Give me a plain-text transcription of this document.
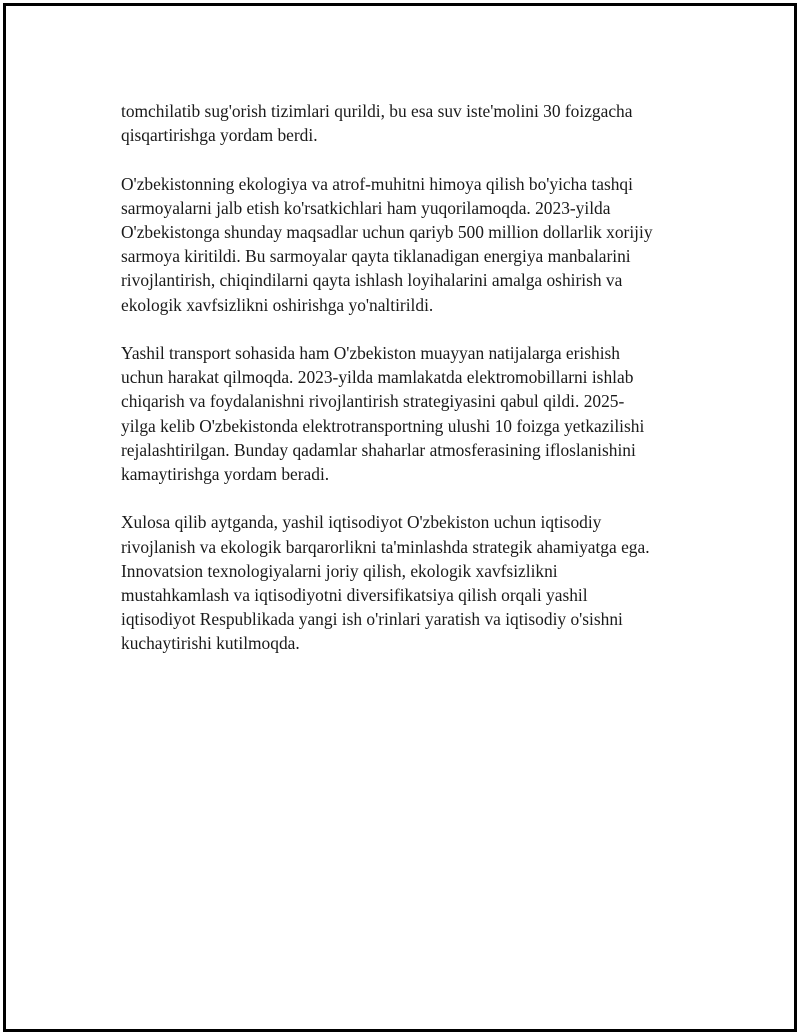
tomchilatib sug'orish tizimlari qurildi, bu esa suv iste'molini 30 foizgacha
qisqartirishga yordam berdi.

O'zbekistonning ekologiya va atrof-muhitni himoya qilish bo'yicha tashqi
sarmoyalarni jalb etish ko'rsatkichlari ham yuqorilamoqda. 2023-yilda
O'zbekistonga shunday maqsadlar uchun qariyb 500 million dollarlik xorijiy
sarmoya kiritildi. Bu sarmoyalar qayta tiklanadigan energiya manbalarini
rivojlantirish, chiqindilarni qayta ishlash loyihalarini amalga oshirish va
ekologik xavfsizlikni oshirishga yo'naltirildi.

Yashil transport sohasida ham O'zbekiston muayyan natijalarga erishish
uchun harakat qilmoqda. 2023-yilda mamlakatda elektromobillarni ishlab
chiqarish va foydalanishni rivojlantirish strategiyasini qabul qildi. 2025-
yilga kelib O'zbekistonda elektrotransportning ulushi 10 foizga yetkazilishi
rejalashtirilgan. Bunday qadamlar shaharlar atmosferasining ifloslanishini
kamaytirishga yordam beradi.

Xulosa qilib aytganda, yashil iqtisodiyot O'zbekiston uchun iqtisodiy
rivojlanish va ekologik barqarorlikni ta'minlashda strategik ahamiyatga ega.
Innovatsion texnologiyalarni joriy qilish, ekologik xavfsizlikni
mustahkamlash va iqtisodiyotni diversifikatsiya qilish orqali yashil
iqtisodiyot Respublikada yangi ish o'rinlari yaratish va iqtisodiy o'sishni
kuchaytirishi kutilmoqda.
